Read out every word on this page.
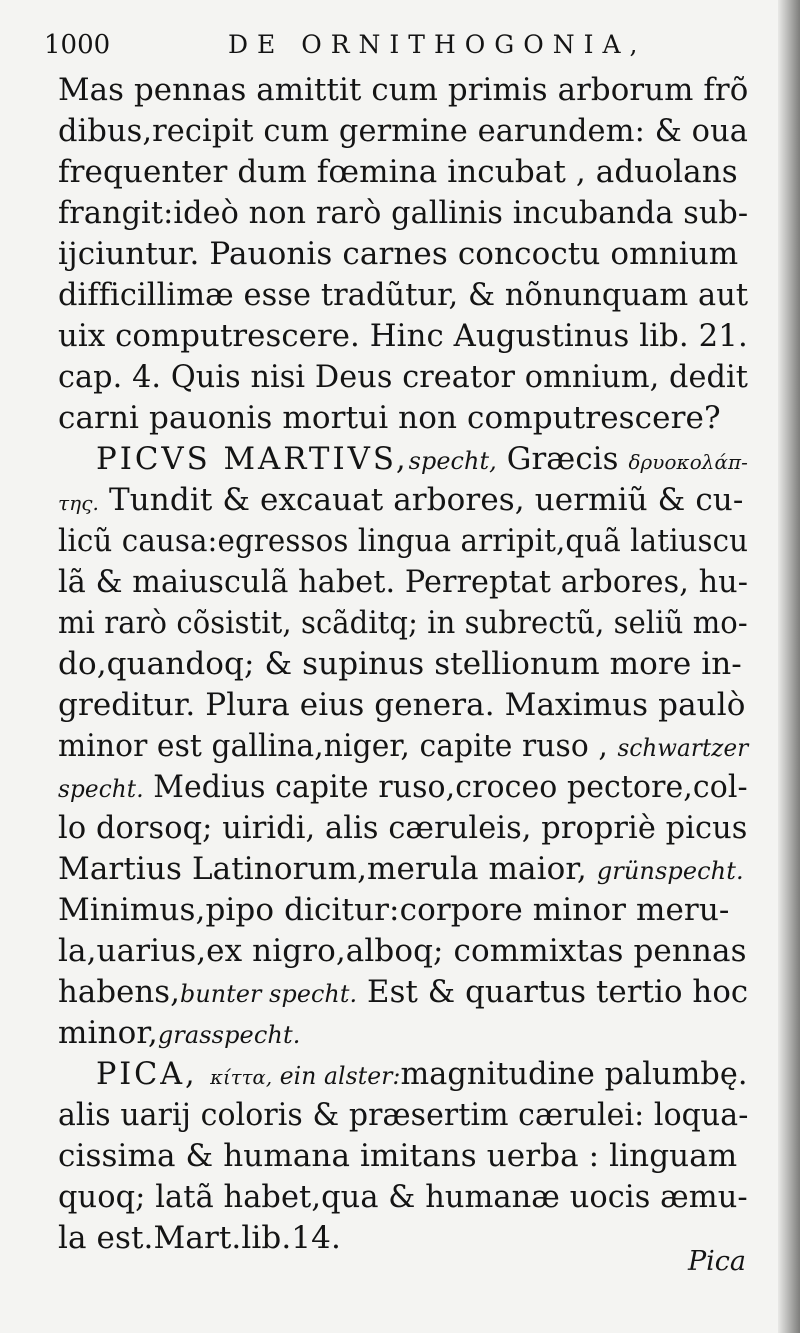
1000	DE ORNITHOGONIA,
Mas pennas amittit cum primis arborum frõ
dibus,recipit cum germine earundem: & oua
frequenter dum fœmina incubat , aduolans
frangit:ideò non rarò gallinis incubanda sub-
ijciuntur. Pauonis carnes concoctu omnium
difficillimæ esse tradũtur, & nõnunquam aut
uix computrescere. Hinc Augustinus lib. 21.
cap. 4. Quis nisi Deus creator omnium, dedit
carni pauonis mortui non computrescere?
PICVS MARTIVS,specht, Græcis δρυοκολάπ-
της. Tundit & excauat arbores, uermiũ & cu-
licũ causa:egressos lingua arripit,quã latiuscu
lã & maiusculã habet. Perreptat arbores, hu-
mi rarò cõsistit, scãditq; in subrectũ, seliũ mo-
do,quandoq; & supinus stellionum more in-
greditur. Plura eius genera. Maximus paulò
minor est gallina,niger, capite ruso , schwartzer
specht. Medius capite ruso,croceo pectore,col-
lo dorsoq; uiridi, alis cæruleis, propriè picus
Martius Latinorum,merula maior, grünspecht.
Minimus,pipo dicitur:corpore minor meru-
la,uarius,ex nigro,alboq; commixtas pennas
habens,bunter specht. Est & quartus tertio hoc
minor,grasspecht.
PICA, κίττα, ein alster:magnitudine palumbę.
alis uarij coloris & præsertim cærulei: loqua-
cissima & humana imitans uerba : linguam
quoq; latã habet,qua & humanæ uocis æmu-
la est.Mart.lib.14.
Pica
